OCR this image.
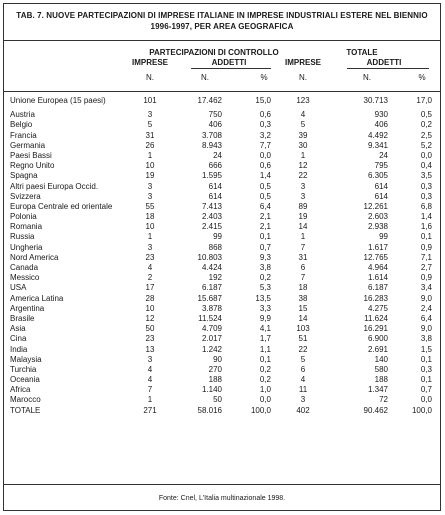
TAB. 7. NUOVE PARTECIPAZIONI DI IMPRESE ITALIANE IN IMPRESE INDUSTRIALI ESTERE NEL BIENNIO
1996-1997, PER AREA GEOGRAFICA
PARTECIPAZIONI DI CONTROLLO	TOTALE
IMPRESE	ADDETTI	IMPRESE	ADDETTI
N.	N.	%	N.	N.	%
Unione Europea (15 paesi)	101	17.462	15,0	123	30.713	17,0
Austria	3	750	0,6	4	930	0,5
Belgio	5	406	0,3	5	406	0,2
Francia	31	3.708	3,2	39	4.492	2,5
Germania	26	8.943	7,7	30	9.341	5,2
Paesi Bassi	1	24	0,0	1	24	0,0
Regno Unito	10	666	0,6	12	795	0,4
Spagna	19	1.595	1,4	22	6.305	3,5
Altri paesi Europa Occid.	3	614	0,5	3	614	0,3
Svizzera	3	614	0,5	3	614	0,3
Europa Centrale ed orientale	55	7.413	6,4	89	12.261	6,8
Polonia	18	2.403	2,1	19	2.603	1,4
Romania	10	2.415	2,1	14	2.938	1,6
Russia	1	99	0,1	1	99	0,1
Ungheria	3	868	0,7	7	1.617	0,9
Nord America	23	10.803	9,3	31	12.765	7,1
Canada	4	4.424	3,8	6	4.964	2,7
Messico	2	192	0,2	7	1.614	0,9
USA	17	6.187	5,3	18	6.187	3,4
America Latina	28	15.687	13,5	38	16.283	9,0
Argentina	10	3.878	3,3	15	4.275	2,4
Brasile	12	11.524	9,9	14	11.624	6,4
Asia	50	4.709	4,1	103	16.291	9,0
Cina	23	2.017	1,7	51	6.900	3,8
India	13	1.242	1,1	22	2.691	1,5
Malaysia	3	90	0,1	5	140	0,1
Turchia	4	270	0,2	6	580	0,3
Oceania	4	188	0,2	4	188	0,1
Africa	7	1.140	1,0	11	1.347	0,7
Marocco	1	50	0,0	3	72	0,0
TOTALE	271	58.016	100,0	402	90.462	100,0
Fonte: Cnel, L'Italia multinazionale 1998.
